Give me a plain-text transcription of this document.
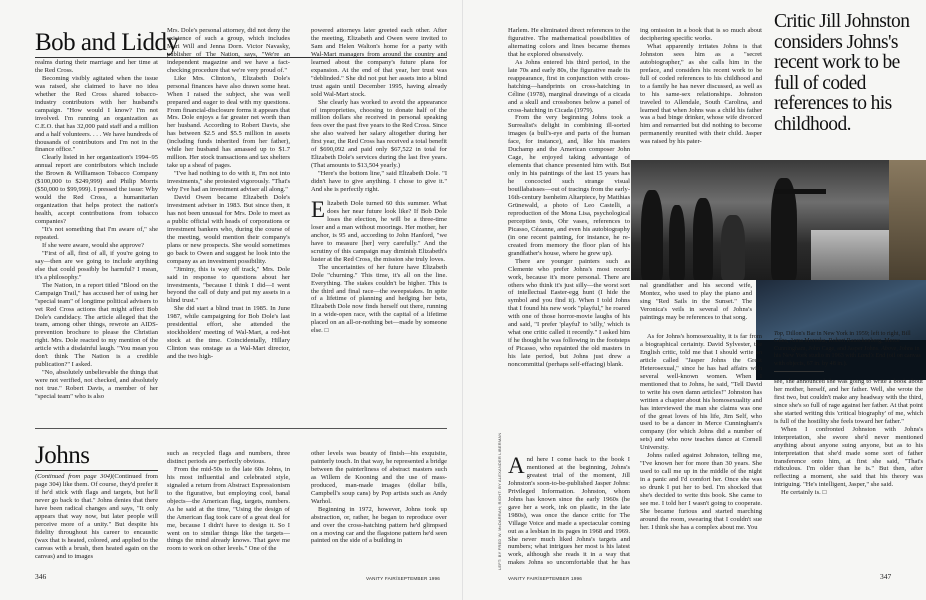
Bob and Liddy

realms during their marriage and her time at the Red Cross.

Becoming visibly agitated when the issue was raised, she claimed to have no idea whether the Red Cross shared tobacco-industry contributors with her husband's campaign. "How would I know? I'm not involved. I'm running an organization as C.E.O. that has 32,000 paid staff and a million and a half volunteers. . . . We have hundreds of thousands of contributors and I'm not in the finance office."

Clearly listed in her organization's 1994–95 annual report are contributors which include the Brown & Williamson Tobacco Company ($100,000 to $249,999) and Philip Morris ($50,000 to $99,999). I pressed the issue: Why would the Red Cross, a humanitarian organization that helps protect the nation's health, accept contributions from tobacco companies?

"It's not something that I'm aware of," she repeated.

If she were aware, would she approve?

"First of all, first of all, if you're going to say—then are we going to include anything else that could possibly be harmful? I mean, it's a philosophy."

The Nation, in a report titled "Blood on the Campaign Trail," has accused her of using her "special team" of longtime political advisers to vet Red Cross actions that might affect Bob Dole's candidacy. The article alleged that the team, among other things, rewrote an AIDS-prevention brochure to please the Christian right. Mrs. Dole reacted to my mention of the article with a disdainful laugh. "You mean you don't think The Nation is a credible publication?" I asked.

"No, absolutely unbelievable the things that were not verified, not checked, and absolutely not true." Robert Davis, a member of her "special team" who is also

Mrs. Dole's personal attorney, did not deny the existence of such a group, which includes Mari Will and Jenna Dorn. Victor Navasky, publisher of The Nation, says, "We're an independent magazine and we have a fact-checking procedure that we're very proud of."

Like Mrs. Clinton's, Elizabeth Dole's personal finances have also drawn some heat. When I raised the subject, she was well prepared and eager to deal with my questions. From financial-disclosure forms it appears that Mrs. Dole enjoys a far greater net worth than her husband. According to Robert Davis, she has between $2.5 and $5.5 million in assets (including funds inherited from her father), while her husband has amassed up to $1.7 million. Her stock transactions and tax shelters take up a sheaf of pages.

"I've had nothing to do with it, I'm not into investments," she protested vigorously. "That's why I've had an investment adviser all along."

David Owen became Elizabeth Dole's investment adviser in 1983. But since then, it has not been unusual for Mrs. Dole to meet as a public official with heads of corporations or investment bankers who, during the course of the meeting, would mention their company's plans or new prospects. She would sometimes go back to Owen and suggest he look into the company as an investment possibility.

"Jiminy, this is way off track," Mrs. Dole said in response to questions about her investments, "because I think I did—I went beyond the call of duty and put my assets in a blind trust."

She did start a blind trust in 1985. In June 1987, while campaigning for Bob Dole's last presidential effort, she attended the stockholders' meeting of Wal-Mart, a red-hot stock at the time. Coincidentally, Hillary Clinton was onstage as a Wal-Mart director, and the two high-

powered attorneys later greeted each other. After the meeting, Elizabeth and Owen were invited to Sam and Helen Walton's home for a party with Wal-Mart managers from around the country and learned about the company's future plans for expansion. At the end of that year, her trust was "deblinded." She did not put her assets into a blind trust again until December 1995, having already sold Wal-Mart stock.

She clearly has worked to avoid the appearance of improprieties, choosing to donate half of the million dollars she received in personal speaking fees over the past five years to the Red Cross. Since she also waived her salary altogether during her first year, the Red Cross has received a total benefit of $690,092 and paid only $67,522 in total for Elizabeth Dole's services during the last five years. (That amounts to $13,504 yearly.)

"Here's the bottom line," said Elizabeth Dole. "I didn't have to give anything. I chose to give it." And she is perfectly right.

Elizabeth Dole turned 60 this summer. What does her near future look like? If Bob Dole loses the election, he will be a three-time loser and a man without moorings. Her mother, her anchor, is 95 and, according to John Hanford, "we have to measure [her] very carefully." And the scrutiny of this campaign may diminish Elizabeth's luster at the Red Cross, the mission she truly loves.

The uncertainties of her future have Elizabeth Dole "churning." This time, it's all on the line. Everything. The stakes couldn't be higher. This is the third and final race—the sweepstakes. In spite of a lifetime of planning and hedging her bets, Elizabeth Dole now finds herself out there, running in a wide-open race, with the capital of a lifetime placed on an all-or-nothing bet—made by someone else. □

Johns

(Continued from page 304)(Continued from page 304) like them. Of course, they'd prefer it if he'd stick with flags and targets, but he'll never go back to that." Johns denies that there have been radical changes and says, "It only appears that way now, but later people will perceive more of a unity." But despite his fidelity throughout his career to encaustic (wax that is heated, colored, and applied to the canvas with a brush, then heated again on the canvas) and to images

such as recycled flags and numbers, three distinct periods are perfectly obvious.

From the mid-50s to the late 60s Johns, in his most influential and celebrated style, signaled a return from Abstract Expressionism to the figurative, but employing cool, banal objects—the American flag, targets, numbers. As he said at the time, "Using the design of the American flag took care of a great deal for me, because I didn't have to design it. So I went on to similar things like the targets—things the mind already knows. That gave me room to work on other levels." One of the

other levels was beauty of finish—his exquisite, painterly touch. In that way, he represented a bridge between the painterliness of abstract masters such as Willem de Kooning and the use of mass-produced, man-made images (dollar bills, Campbell's soup cans) by Pop artists such as Andy Warhol.

Beginning in 1972, however, Johns took up abstraction, or, rather, he began to reproduce over and over the cross-hatching pattern he'd glimpsed on a moving car and the flagstone pattern he'd seen painted on the side of a building in

346	VANITY FAIR/SEPTEMBER 1996

Harlem. He eliminated direct references to the figurative. The mathematical possibilities of alternating colors and lines became themes that he explored obsessively.

As Johns entered his third period, in the late 70s and early 80s, the figurative made its reappearance, first in conjunction with cross-hatching—handprints on cross-hatching in Céline (1978), marginal drawings of a cicada and a skull and crossbones below a panel of cross-hatching in Cicada (1979).

From the very beginning Johns took a Surrealist's delight in combining ill-sorted images (a bull's-eye and parts of the human face, for instance), and, like his masters Duchamp and the American composer John Cage, he enjoyed taking advantage of elements that chance presented him with. But only in his paintings of the last 15 years has he concocted such strange visual bouillabaisses—out of tracings from the early-16th-century Isenheim Altarpiece, by Matthias Grünewald, a photo of Leo Castelli, a reproduction of the Mona Lisa, psychological perception tests, Ohr vases, references to Picasso, Cézanne, and even his autobiography (in one recent painting, for instance, he re-created from memory the floor plan of his grandfather's house, where he grew up).

There are younger painters such as Clemente who prefer Johns's most recent work, because it's more personal. There are others who think it's just silly—the worst sort of intellectual Easter-egg hunt (I hide the symbol and you find it). When I told Johns that I found his new work "playful," he roared with one of those horror-movie laughs of his and said, "I prefer 'playful' to 'silly,' which is what one critic called it recently." I asked him if he thought he was following in the footsteps of Picasso, who repainted the old masters in his late period, but Johns just drew a noncommittal (perhaps self-effacing) blank.

And here I come back to the book I mentioned at the beginning, Johns's greatest trial of the moment, Jill Johnston's soon-to-be-published Jasper Johns: Privileged Information. Johnston, whom Johns has known since the early 1960s (he gave her a work, ink on plastic, in the late 1980s), was once the dance critic for The Village Voice and made a spectacular coming out as a lesbian in its pages in 1968 and 1969. She never much liked Johns's targets and numbers; what intrigues her most is his latest work, although she reads it in a way that makes Johns so uncomfortable that he has

LEFT: BY FRED W. McDARRAH; RIGHT: BY ALEXANDER LIBERMAN

ing omission in a book that is so much about deciphering specific works.

What apparently irritates Johns is that Johnston sees him as a "secret autobiographer," as she calls him in the preface, and considers his recent work to be full of coded references to his childhood and to a family he has never discussed, as well as to his same-sex relationships. Johnston traveled to Allendale, South Carolina, and learned that when Johns was a child his father was a bad binge drinker, whose wife divorced him and remarried but did nothing to become permanently reunited with their child. Jasper was raised by his pater-

nal grandfather and his second wife, Montez, who used to play the piano and sing "Red Sails in the Sunset." The Veronica's veils in several of Johns's paintings may be references to that song.

As for Johns's homosexuality, it is far from a biographical certainty. David Sylvester, the English critic, told me that I should write an article called "Jasper Johns the Great Heterosexual," since he has had affairs with several well-known women. When I mentioned that to Johns, he said, "Tell David to write his own damn articles!" Johnston has written a chapter about his homosexuality and has interviewed the man she claims was one of the great loves of his life, Jim Self, who used to be a dancer in Merce Cunningham's company (for which Johns did a number of sets) and who now teaches dance at Cornell University.

Johns railed against Johnston, telling me, "I've known her for more than 30 years. She used to call me up in the middle of the night in a panic and I'd comfort her. Once she was so drunk I put her to bed. I'm shocked that she's decided to write this book. She came to see me. I told her I wasn't going to cooperate. She became furious and started marching around the room, swearing that I couldn't sue her. I think she has a complex about me. You

Top, Dillon's Bar in New York in 1959; left to right, Bill Giles, Anna Moreska, Robert Rauschenberg, Merce Cunningham, John Cage, and Jasper Johns. Above, Johns in his New York studio in 1963 with Land's End (oil on canvas with objects, 67 in. by 48 in.).

see, she announced she was going to write a book about her mother, herself, and her father. Well, she wrote the first two, but couldn't make any headway with the third, since she's so full of rage against her father. At that point she started writing this 'critical biography' of me, which is full of the hostility she feels toward her father."

When I confronted Johnston with Johns's interpretation, she swore she'd never mentioned anything about anyone suing anyone, but as to his interpretation that she'd made some sort of father transference onto him, at first she said, "That's ridiculous. I'm older than he is." But then, after reflecting a moment, she said that his theory was intriguing. "He's intelligent, Jasper," she said.

He certainly is. □

Critic Jill Johnston considers Johns's recent work to be full of coded references to his childhood.
VANITY FAIR/SEPTEMBER 1996	347
